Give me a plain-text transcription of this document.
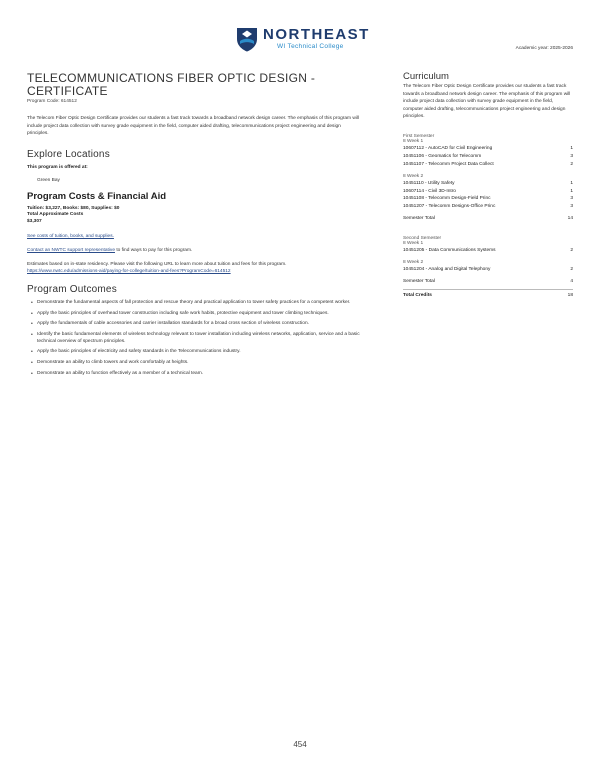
NORTHEAST
WI Technical College	Academic year: 2025-2026
TELECOMMUNICATIONS FIBER OPTIC DESIGN - CERTIFICATE
Program Code: 614512

The Telecom Fiber Optic Design Certificate provides our students a fast track towards a broadband network design career. The emphasis of this program will include project data collection with survey grade equipment in the field, computer aided drafting, telecommunications project engineering and design principles.

Explore Locations
This program is offered at:
Green Bay
Program Costs & Financial Aid
Tuition: $3,227, Books: $80, Supplies: $0
Total Approximate Costs
$3,307
See costs of tuition, books, and supplies.
Contact an NWTC support representative to find ways to pay for this program.
Estimates based on in-state residency. Please visit the following URL to learn more about tuition and fees for this program.
https://www.nwtc.edu/admissions-aid/paying-for-college/tuition-and-fees?ProgramCode=614512
Program Outcomes
• Demonstrate the fundamental aspects of fall protection and rescue theory and practical application to tower safety practices for a competent worker.
• Apply the basic principles of overhead tower construction including safe work habits, protective equipment and tower climbing techniques.
• Apply the fundamentals of cable accessories and carrier installation standards for a broad cross section of wireless construction.
• Identify the basic fundamental elements of wireless technology relevant to tower installation including wireless networks, application, service and a basic technical overview of spectrum principles.
• Apply the basic principles of electricity and safety standards in the Telecommunications industry.
• Demonstrate an ability to climb towers and work comfortably at heights.
• Demonstrate an ability to function effectively as a member of a technical team.
Curriculum

The Telecom Fiber Optic Design Certificate provides our students a fast track towards a broadband network design career. The emphasis of this program will include project data collection with survey grade equipment in the field, computer aided drafting, telecommunications project engineering and design principles.

First Semester
8 Week 1
10607112 - AutoCAD for Civil Engineering	1
10451106 - Geomatics for Telecomm	3
10451107 - Telecomm Project Data Collect	2
8 Week 2
10451110 - Utility Safety	1
10607114 - Civil 3D-Intro	1
10451108 - Telecomm Design-Field Princ	3
10451207 - Telecomm Designs-Office Princ	3
Semester Total	14
Second Semester
8 Week 1
10451205 - Data Communications Systems	2
8 Week 2
10451204 - Analog and Digital Telephony	2
Semester Total	4
Total Credits	18
454
